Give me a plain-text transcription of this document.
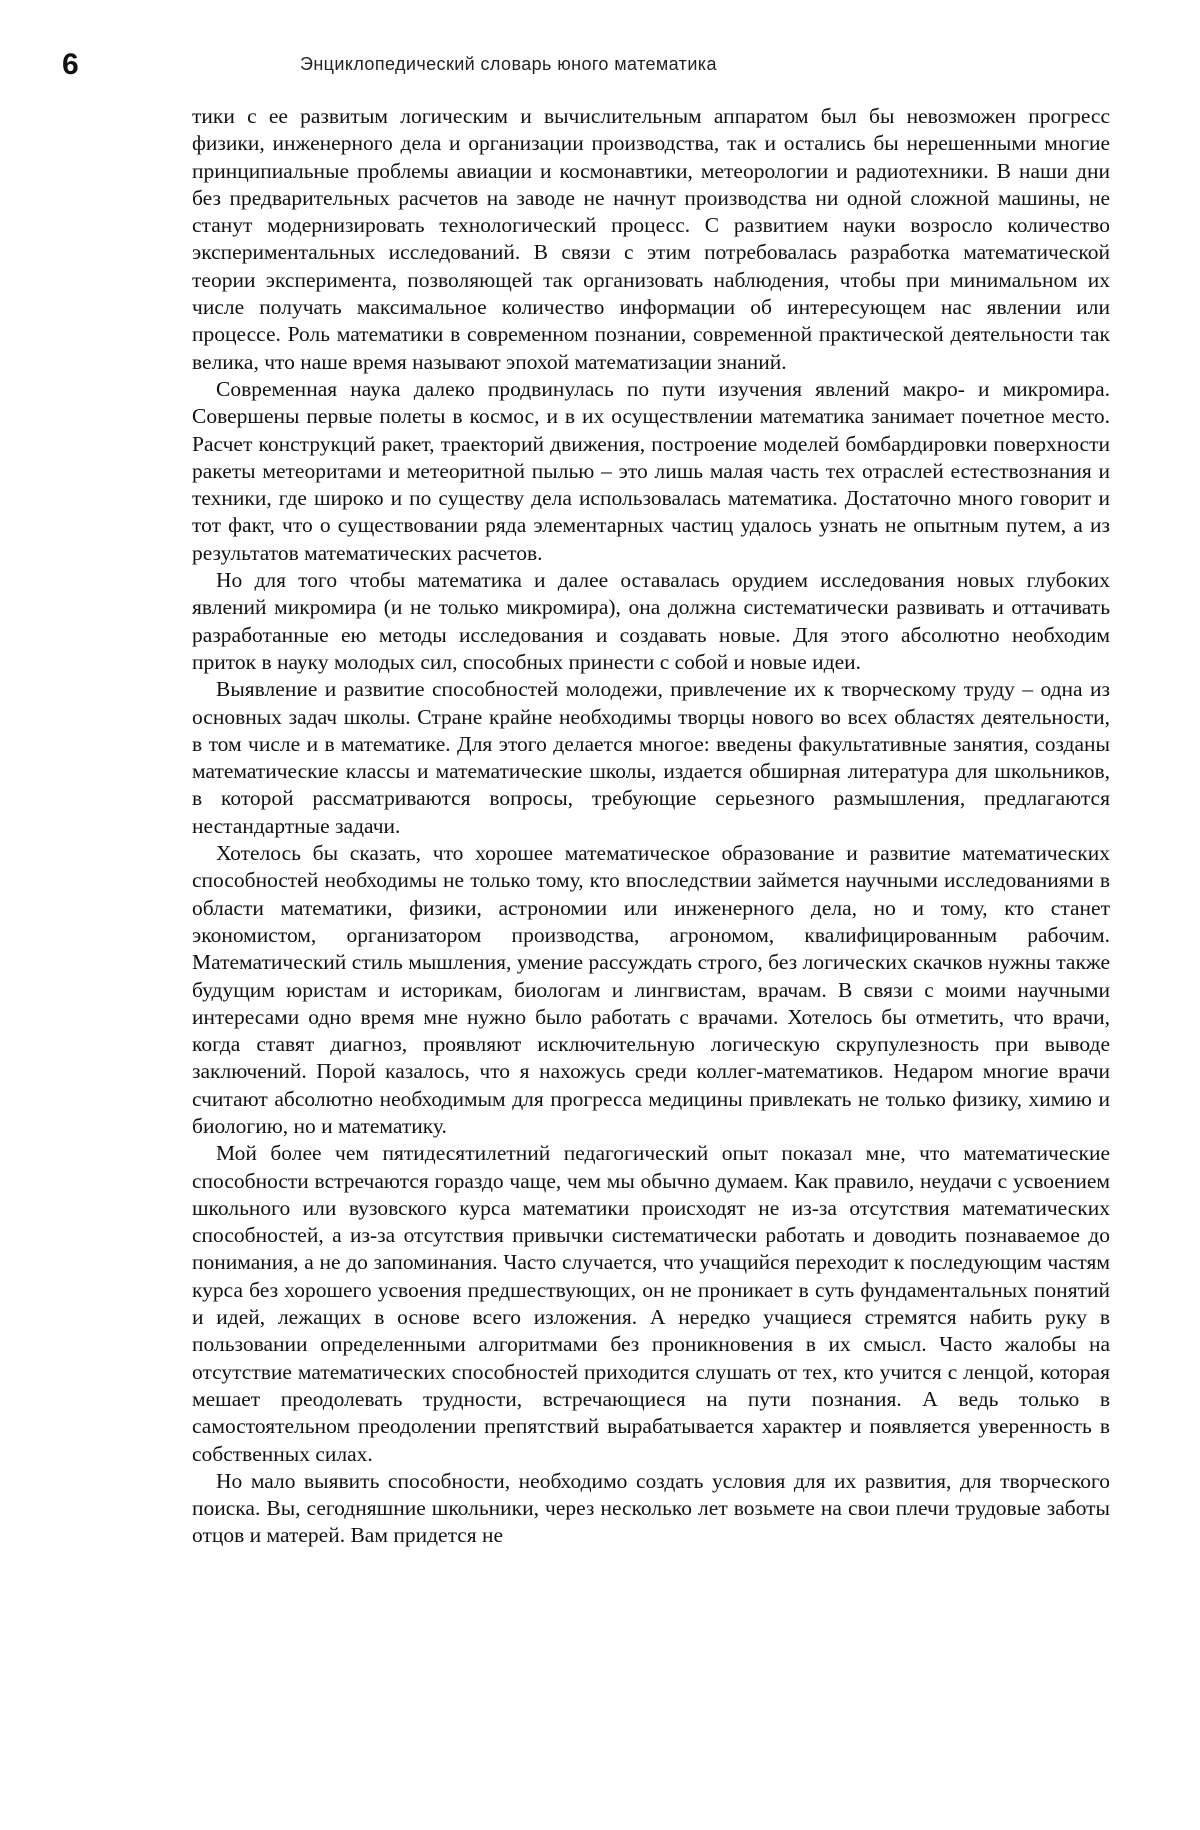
6	Энциклопедический словарь юного математика

тики с ее развитым логическим и вычислительным аппаратом был бы невозможен прогресс физики, инженерного дела и организации производства, так и остались бы нерешенными многие принципиальные проблемы авиации и космонавтики, метеорологии и радиотехники. В наши дни без предварительных расчетов на заводе не начнут производства ни одной сложной машины, не станут модернизировать технологический процесс. С развитием науки возросло количество экспериментальных исследований. В связи с этим потребовалась разработка математической теории эксперимента, позволяющей так организовать наблюдения, чтобы при минимальном их числе получать максимальное количество информации об интересующем нас явлении или процессе. Роль математики в современном познании, современной практической деятельности так велика, что наше время называют эпохой математизации знаний.

Современная наука далеко продвинулась по пути изучения явлений макро- и микромира. Совершены первые полеты в космос, и в их осуществлении математика занимает почетное место. Расчет конструкций ракет, траекторий движения, построение моделей бомбардировки поверхности ракеты метеоритами и метеоритной пылью – это лишь малая часть тех отраслей естествознания и техники, где широко и по существу дела использовалась математика. Достаточно много говорит и тот факт, что о существовании ряда элементарных частиц удалось узнать не опытным путем, а из результатов математических расчетов.

Но для того чтобы математика и далее оставалась орудием исследования новых глубоких явлений микромира (и не только микромира), она должна систематически развивать и оттачивать разработанные ею методы исследования и создавать новые. Для этого абсолютно необходим приток в науку молодых сил, способных принести с собой и новые идеи.

Выявление и развитие способностей молодежи, привлечение их к творческому труду – одна из основных задач школы. Стране крайне необходимы творцы нового во всех областях деятельности, в том числе и в математике. Для этого делается многое: введены факультативные занятия, созданы математические классы и математические школы, издается обширная литература для школьников, в которой рассматриваются вопросы, требующие серьезного размышления, предлагаются нестандартные задачи.

Хотелось бы сказать, что хорошее математическое образование и развитие математических способностей необходимы не только тому, кто впоследствии займется научными исследованиями в области математики, физики, астрономии или инженерного дела, но и тому, кто станет экономистом, организатором производства, агрономом, квалифицированным рабочим. Математический стиль мышления, умение рассуждать строго, без логических скачков нужны также будущим юристам и историкам, биологам и лингвистам, врачам. В связи с моими научными интересами одно время мне нужно было работать с врачами. Хотелось бы отметить, что врачи, когда ставят диагноз, проявляют исключительную логическую скрупулезность при выводе заключений. Порой казалось, что я нахожусь среди коллег-математиков. Недаром многие врачи считают абсолютно необходимым для прогресса медицины привлекать не только физику, химию и биологию, но и математику.

Мой более чем пятидесятилетний педагогический опыт показал мне, что математические способности встречаются гораздо чаще, чем мы обычно думаем. Как правило, неудачи с усвоением школьного или вузовского курса математики происходят не из-за отсутствия математических способностей, а из-за отсутствия привычки систематически работать и доводить познаваемое до понимания, а не до запоминания. Часто случается, что учащийся переходит к последующим частям курса без хорошего усвоения предшествующих, он не проникает в суть фундаментальных понятий и идей, лежащих в основе всего изложения. А нередко учащиеся стремятся набить руку в пользовании определенными алгоритмами без проникновения в их смысл. Часто жалобы на отсутствие математических способностей приходится слушать от тех, кто учится с ленцой, которая мешает преодолевать трудности, встречающиеся на пути познания. А ведь только в самостоятельном преодолении препятствий вырабатывается характер и появляется уверенность в собственных силах.

Но мало выявить способности, необходимо создать условия для их развития, для творческого поиска. Вы, сегодняшние школьники, через несколько лет возьмете на свои плечи трудовые заботы отцов и матерей. Вам придется не
